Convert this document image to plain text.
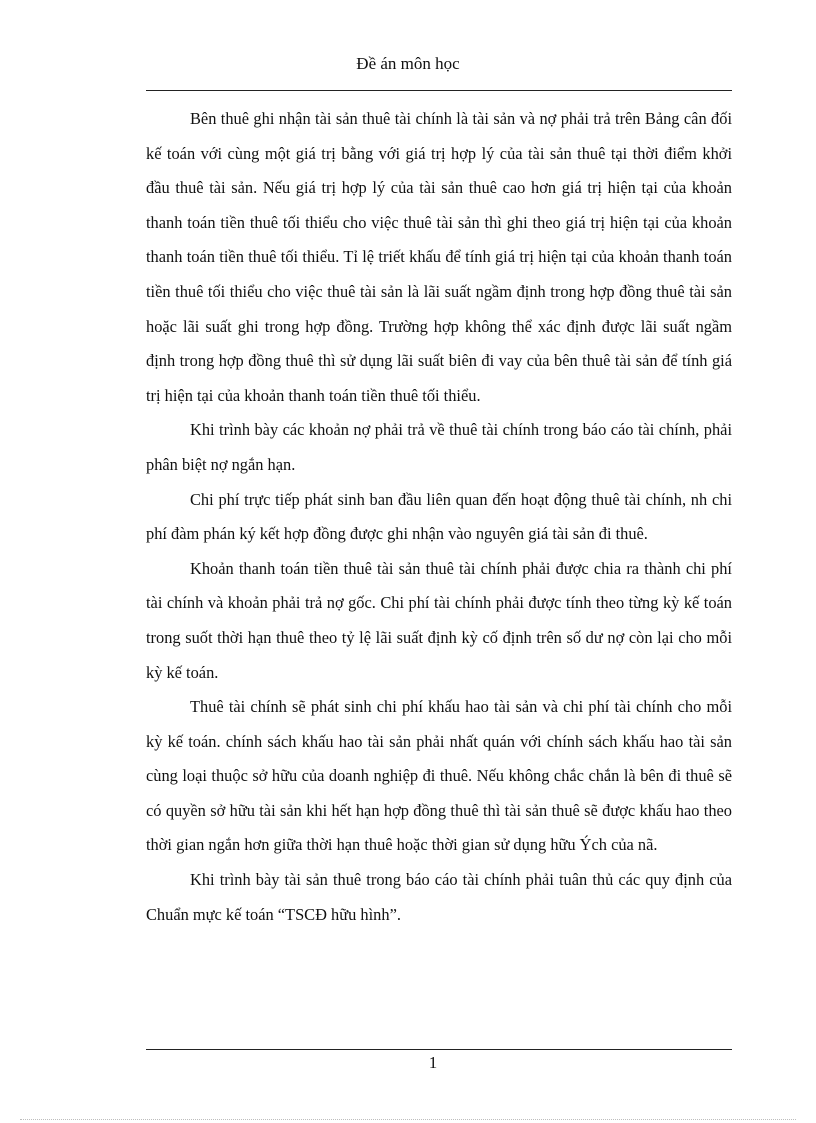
Đề án môn học

Bên thuê ghi nhận tài sản thuê tài chính là tài sản và nợ phải trả trên Bảng cân đối kế toán với cùng một giá trị bằng với giá trị hợp lý của tài sản thuê tại thời điểm khởi đầu thuê tài sản. Nếu giá trị hợp lý của tài sản thuê cao hơn giá trị hiện tại của khoản thanh toán tiền thuê tối thiểu cho việc thuê tài sản thì ghi theo giá trị hiện tại của khoản thanh toán tiền thuê tối thiểu. Tỉ lệ triết khấu để tính giá trị hiện tại của khoản thanh toán tiền thuê tối thiểu cho việc thuê tài sản là lãi suất ngầm định trong hợp đồng thuê tài sản hoặc lãi suất ghi trong hợp đồng. Trường hợp không thể xác định được lãi suất ngầm định trong hợp đồng thuê thì sử dụng lãi suất biên đi vay của bên thuê tài sản để tính giá trị hiện tại của khoản thanh toán tiền thuê tối thiểu.

Khi trình bày các khoản nợ phải trả về thuê tài chính trong báo cáo tài chính, phải phân biệt nợ ngắn hạn.

Chi phí trực tiếp phát sinh ban đầu liên quan đến hoạt động thuê tài chính, nh chi phí đàm phán ký kết hợp đồng được ghi nhận vào nguyên giá tài sản đi thuê.

Khoản thanh toán tiền thuê tài sản thuê tài chính phải được chia ra thành chi phí tài chính và khoản phải trả nợ gốc. Chi phí tài chính phải được tính theo từng kỳ kế toán trong suốt thời hạn thuê theo tỷ lệ lãi suất định kỳ cố định trên số dư nợ còn lại cho mỗi kỳ kế toán.

Thuê tài chính sẽ phát sinh chi phí khấu hao tài sản và chi phí tài chính cho mỗi kỳ kế toán. chính sách khấu hao tài sản phải nhất quán với chính sách khấu hao tài sản cùng loại thuộc sở hữu của doanh nghiệp đi thuê. Nếu không chắc chắn là bên đi thuê sẽ có quyền sở hữu tài sản khi hết hạn hợp đồng thuê thì tài sản thuê sẽ được khấu hao theo thời gian ngắn hơn giữa thời hạn thuê hoặc thời gian sử dụng hữu Ých của nã.

Khi trình bày tài sản thuê trong báo cáo tài chính phải tuân thủ các quy định của Chuẩn mực kế toán “TSCĐ hữu hình”.

1
